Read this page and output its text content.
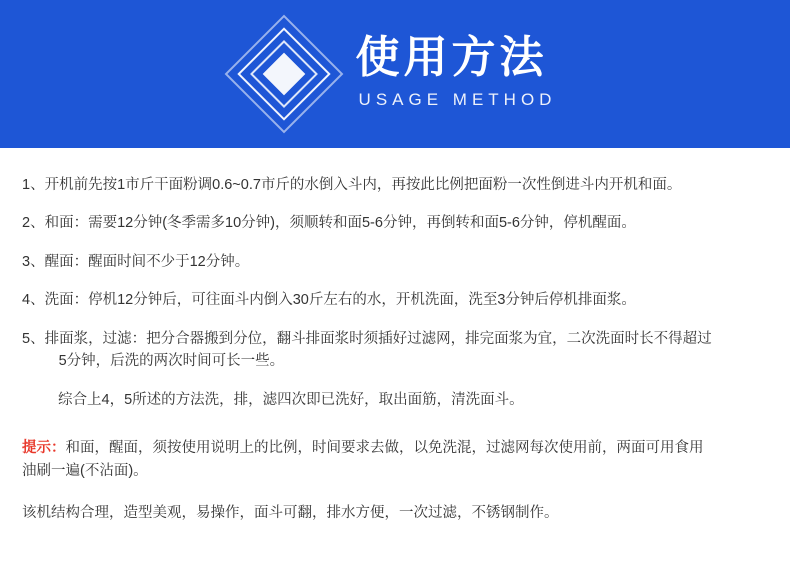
使用方法
USAGE METHOD
1、 开机前先按1市斤干面粉调0.6~0.7市斤的水倒入斗内，再按此比例把面粉一次性倒进斗内开机和面。
2、 和面：需要12分钟(冬季需多10分钟)，须顺转和面5-6分钟，再倒转和面5-6分钟，停机醒面。
3、 醒面：醒面时间不少于12分钟。
4、 洗面：停机12分钟后，可往面斗内倒入30斤左右的水，开机洗面，洗至3分钟后停机排面浆。
5、 排面浆，过滤：把分合器搬到分位，翻斗排面浆时须插好过滤网，排完面浆为宜，二次洗面时长不得超过
5分钟，后洗的两次时间可长一些。

综合上4，5所述的方法洗，排，滤四次即已洗好，取出面筋，清洗面斗。

提示：和面，醒面，须按使用说明上的比例，时间要求去做，以免洗混，过滤网每次使用前，两面可用食用
油刷一遍(不沾面)。

该机结构合理，造型美观，易操作，面斗可翻，排水方便，一次过滤，不锈钢制作。
